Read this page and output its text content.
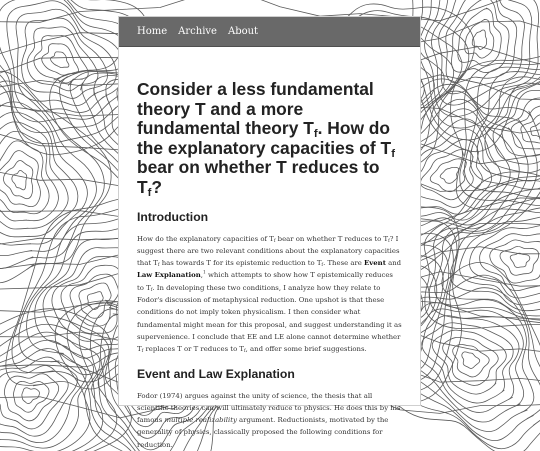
Home Archive About
Consider a less fundamental theory T and a more fundamental theory $T_f$. How do the explanatory capacities of $T_f$ bear on whether T reduces to $T_f$?
Introduction

How do the explanatory capacities of $T_f$ bear on whether T reduces to $T_f$? I suggest there are two relevant conditions about the explanatory capacities that $T_f$ has towards T for its epistemic reduction to $T_f$. These are Event and Law Explanation,$^1$ which attempts to show how T epistemically reduces to $T_f$. In developing these two conditions, I analyze how they relate to Fodor's discussion of metaphysical reduction. One upshot is that these conditions do not imply token physicalism. I then consider what fundamental might mean for this proposal, and suggest understanding it as supervenience. I conclude that EE and LE alone cannot determine whether $T_f$ replaces T or T reduces to $T_f$, and offer some brief suggestions.

Event and Law Explanation

Fodor (1974) argues against the unity of science, the thesis that all scientific theories can/will ultimately reduce to physics. He does this by his famous multiple realizability argument. Reductionists, motivated by the generality of physics, classically proposed the following conditions for reduction.
